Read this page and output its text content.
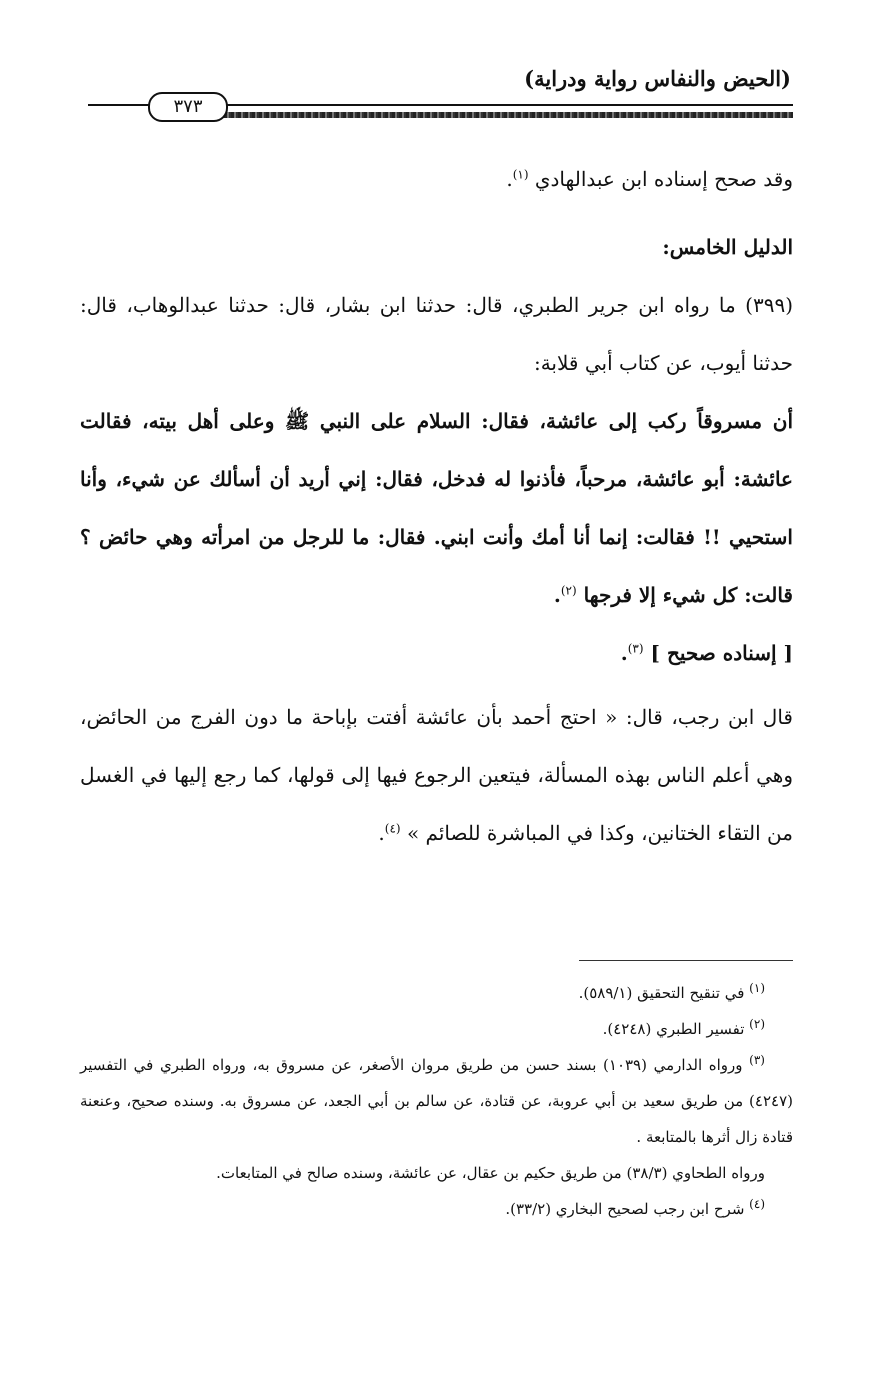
(الحيض والنفاس رواية ودراية)
٣٧٣

وقد صحح إسناده ابن عبدالهادي $^{(١)}$.

الدليل الخامس:

(٣٩٩) ما رواه ابن جرير الطبري، قال: حدثنا ابن بشار، قال: حدثنا عبدالوهاب، قال: حدثنا أيوب، عن كتاب أبي قلابة:

أن مسروقاً ركب إلى عائشة، فقال: السلام على النبي ﷺ وعلى أهل بيته، فقالت عائشة: أبو عائشة، مرحباً، فأذنوا له فدخل، فقال: إني أريد أن أسألك عن شيء، وأنا استحيي !! فقالت: إنما أنا أمك وأنت ابني. فقال: ما للرجل من امرأته وهي حائض ؟ قالت: كل شيء إلا فرجها $^{(٢)}$.

[ إسناده صحيح ] $^{(٣)}$.

قال ابن رجب، قال: « احتج أحمد بأن عائشة أفتت بإباحة ما دون الفرج من الحائض، وهي أعلم الناس بهذه المسألة، فيتعين الرجوع فيها إلى قولها، كما رجع إليها في الغسل من التقاء الختانين، وكذا في المباشرة للصائم » $^{(٤)}$.

$^{(١)}$ في تنقيح التحقيق (٥٨٩/١).

$^{(٢)}$ تفسير الطبري (٤٢٤٨).

$^{(٣)}$ ورواه الدارمي (١٠٣٩) بسند حسن من طريق مروان الأصغر، عن مسروق به، ورواه الطبري في التفسير (٤٢٤٧) من طريق سعيد بن أبي عروبة، عن قتادة، عن سالم بن أبي الجعد، عن مسروق به. وسنده صحيح، وعنعنة قتادة زال أثرها بالمتابعة .

ورواه الطحاوي (٣٨/٣) من طريق حكيم بن عقال، عن عائشة، وسنده صالح في المتابعات.

$^{(٤)}$ شرح ابن رجب لصحيح البخاري (٣٣/٢).
